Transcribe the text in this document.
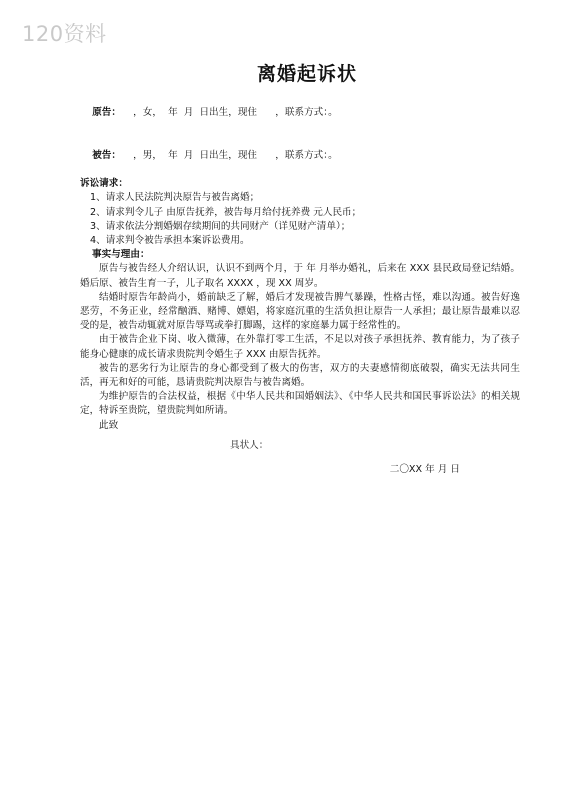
120资料
离婚起诉状

原告：    ，女，  年  月  日出生，现住      ，联系方式：。

被告：    ，男，  年  月  日出生，现住      ，联系方式：。

诉讼请求：
1、请求人民法院判决原告与被告离婚；
2、请求判令儿子 由原告抚养，被告每月给付抚养费 元人民币；
3、请求依法分割婚姻存续期间的共同财产（详见财产清单）；
4、请求判令被告承担本案诉讼费用。
事实与理由：

原告与被告经人介绍认识，认识不到两个月，于 年 月举办婚礼，后来在 XXX 县民政局登记结婚。婚后原、被告生育一子，儿子取名 XXXX ，现 XX 周岁。

结婚时原告年龄尚小，婚前缺乏了解，婚后才发现被告脾气暴躁，性格古怪，难以沟通。被告好逸恶劳，不务正业，经常酗酒、赌博、嫖娼，将家庭沉重的生活负担让原告一人承担；最让原告最难以忍受的是，被告动辄就对原告辱骂或拳打脚踢，这样的家庭暴力属于经常性的。

由于被告企业下岗、收入微薄，在外靠打零工生活，不足以对孩子承担抚养、教育能力，为了孩子能身心健康的成长请求贵院判令婚生子 XXX 由原告抚养。

被告的恶劣行为让原告的身心都受到了极大的伤害，双方的夫妻感情彻底破裂，确实无法共同生活，再无和好的可能，恳请贵院判决原告与被告离婚。

为维护原告的合法权益，根据《中华人民共和国婚姻法》、《中华人民共和国民事诉讼法》的相关规定，特诉至贵院，望贵院判如所请。

此致
具状人：
二〇XX 年 月 日
